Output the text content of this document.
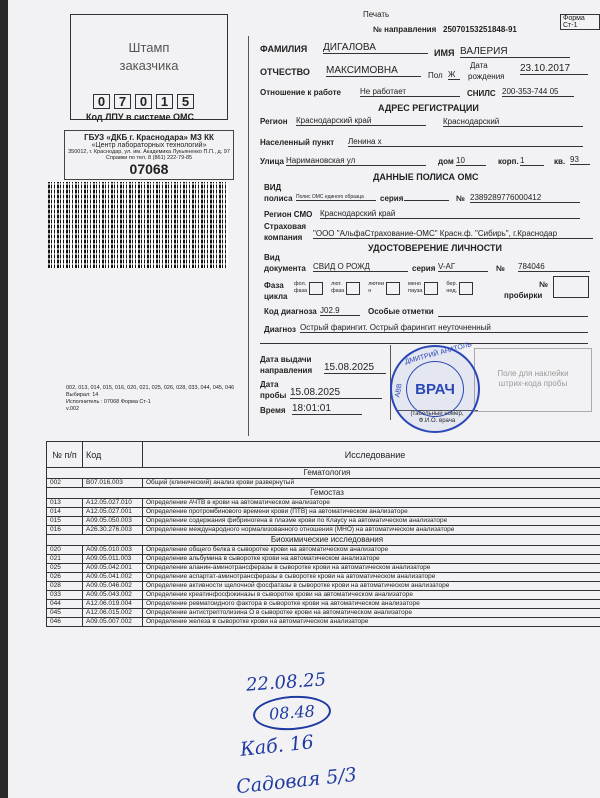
Печать
№ направления 25070153251848-91
Форма Ст-1
Штамп
заказчика
0	7	0	1	5
Код ЛПУ в системе ОМС
ГБУЗ «ДКБ г. Краснодара» МЗ КК
«Центр лабораторных технологий»
350012, г. Краснодар, ул. им. Академика Лукьяненко П.П., д. 97
Справки по тел. 8 (861) 222-79-85
07068
002, 013, 014, 015, 016, 020, 021, 025, 026, 028, 033, 044, 045, 046
Выбирал: 14
Исполнитель : 07068 Форма Ст-1
v.002
ФАМИЛИЯ ДИГАЛОВА	ИМЯ ВАЛЕРИЯ
ОТЧЕСТВО МАКСИМОВНА	Пол Ж
Дата
рождения
23.10.2017
Отношение к работе Не работает	СНИЛС 200-353-744 05
АДРЕС РЕГИСТРАЦИИ
Регион Краснодарский край	Краснодарский
Населенный пункт Ленина х
Улица Наримановская ул	дом 10	корп. 1	кв. 93
ДАННЫЕ ПОЛИСА ОМС
ВИД
полиса Полис ОМС единого образца	серия	№ 2389289776000412
Регион СМО Краснодарский край
Страховая
компания "ООО "АльфаСтрахование-ОМС" Красн.ф. "Сибирь", г.Краснодар
УДОСТОВЕРЕНИЕ ЛИЧНОСТИ
Вид
документа СВИД О РОЖД	серия V-АГ	№ 784046
Фаза
цикла
фол.
фаза
лют.
фаза
лютеи
н
мено
пауза
бер.
нед.
№
пробирки
Код диагноза J02.9	Особые отметки
Диагноз Острый фарингит. Острый фарингит неуточненный
Дата выдачи
направления 15.08.2025
Дата
пробы 15.08.2025
Время 18:01:01	(табельный номер,
Ф.И.О. врача
Поле для наклейки
штрих-кода пробы
ДМИТРИЙ АНАТОЛЬ
АВВ ВРАЧ
№ п/п	Код	Исследование
Гематология		
002	В07.016.003	Общий (клинический) анализ крови развернутый
Гемостаз		
013	A12.05.027.010	Определение АЧТВ в крови на автоматическом анализаторе
014	A12.05.027.001	Определение протромбинового времени крови (ПТВ) на автоматическом анализаторе
015	A09.05.050.003	Определение содержания фибриногена в плазме крови по Клаусу на автоматическом анализаторе
016	A26.30.276.003	Определение международного нормализованного отношения (МНО) на автоматическом анализаторе
Биохимические исследования		
020	A09.05.010.003	Определение общего белка в сыворотке крови на автоматическом анализаторе
021	A09.05.011.003	Определение альбумина в сыворотке крови на автоматическом анализаторе
025	A09.05.042.001	Определение аланин-аминотрансферазы в сыворотке крови на автоматическом анализаторе
026	A09.05.041.002	Определение аспартат-аминотрансферазы в сыворотке крови на автоматическом анализаторе
028	A09.05.046.002	Определение активности щелочной фосфатазы в сыворотке крови на автоматическом анализаторе
033	A09.05.043.002	Определение креатинфосфокиназы в сыворотке крови на автоматическом анализаторе
044	A12.06.019.004	Определение ревматоидного фактора в сыворотке крови на автоматическом анализаторе
045	A12.06.015.002	Определение антистрептолизина О в сыворотке крови на автоматическом анализаторе
046	A09.05.007.002	Определение железа в сыворотке крови на автоматическом анализаторе
22.08.25
08.48
Каб. 16
Садовая 5/3
